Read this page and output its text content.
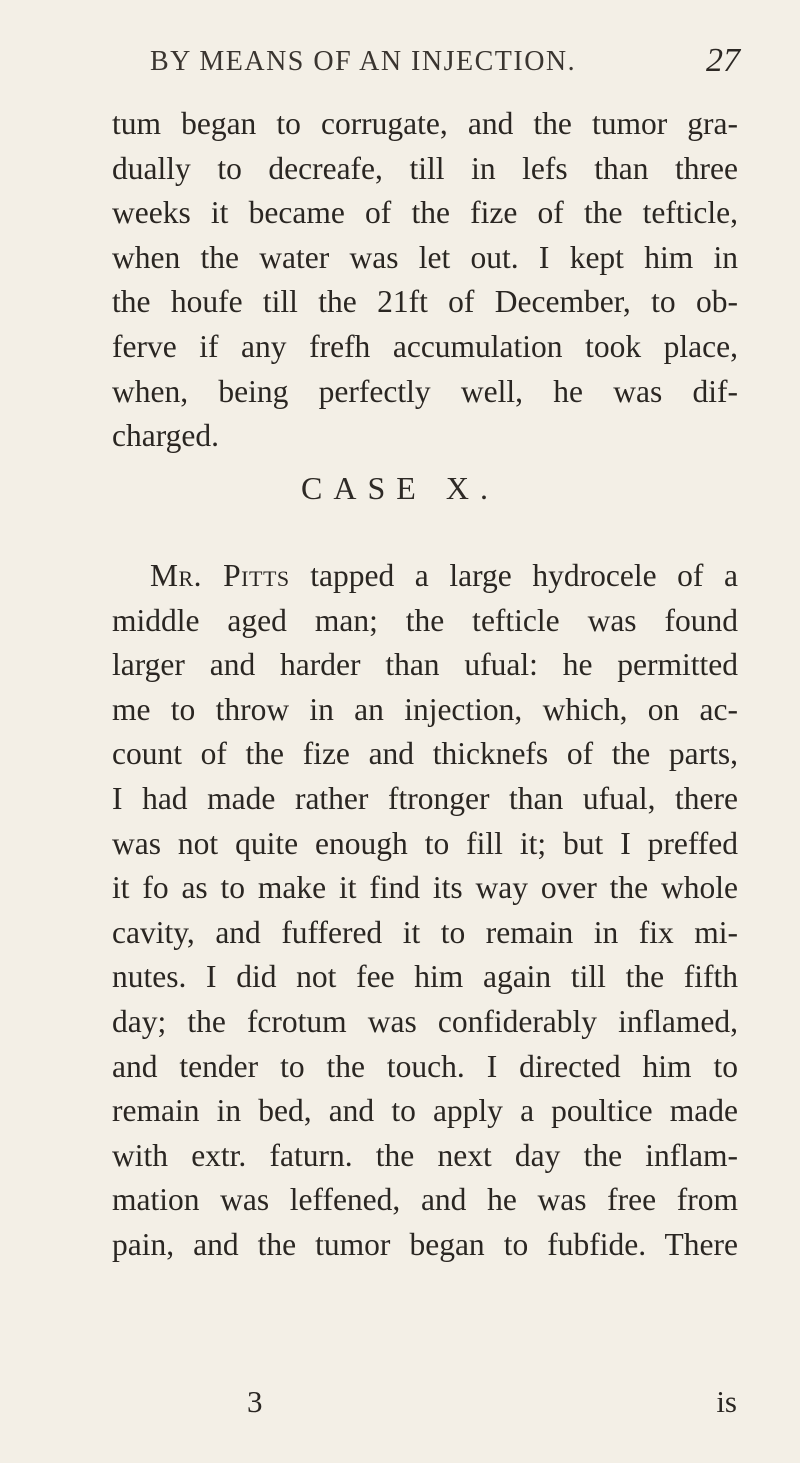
BY MEANS OF AN INJECTION.	27
tum began to corrugate, and the tumor gra-
dually to decreafe, till in lefs than three
weeks it became of the fize of the tefticle,
when the water was let out. I kept him in
the houfe till the 21ft of December, to ob-
ferve if any frefh accumulation took place,
when, being perfectly well, he was dif-
charged.
CASE X.
Mr. Pitts tapped a large hydrocele of a
middle aged man; the tefticle was found
larger and harder than ufual: he permitted
me to throw in an injection, which, on ac-
count of the fize and thicknefs of the parts,
I had made rather ftronger than ufual, there
was not quite enough to fill it; but I preffed
it fo as to make it find its way over the whole
cavity, and fuffered it to remain in fix mi-
nutes. I did not fee him again till the fifth
day; the fcrotum was confiderably inflamed,
and tender to the touch. I directed him to
remain in bed, and to apply a poultice made
with extr. faturn. the next day the inflam-
mation was leffened, and he was free from
pain, and the tumor began to fubfide. There
3	is
